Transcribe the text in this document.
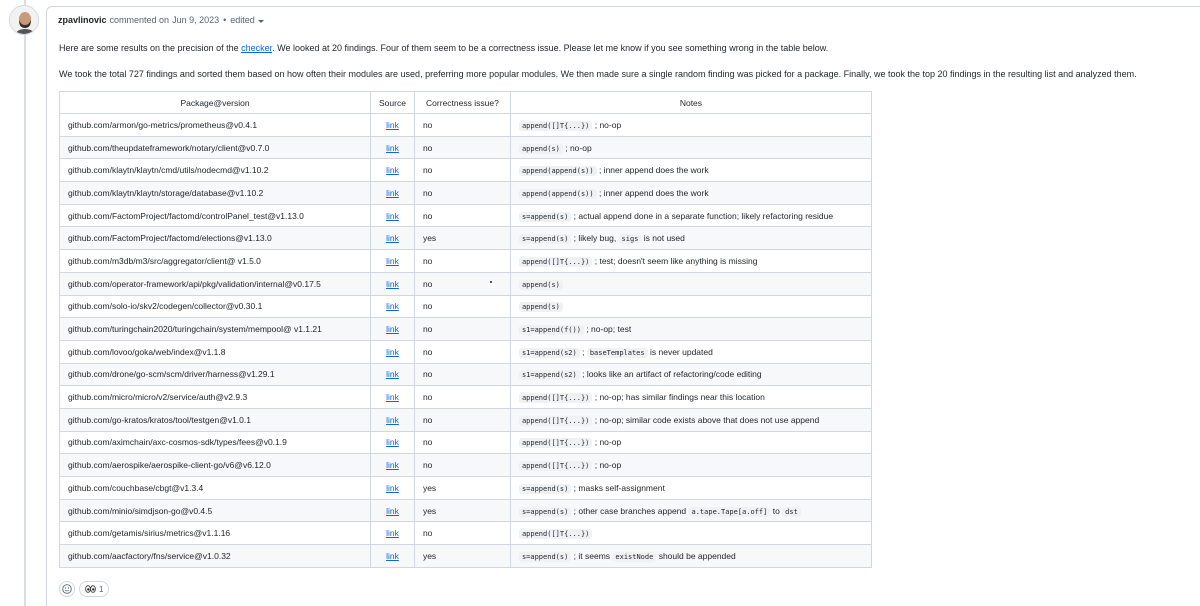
zpavlinovic commented on Jun 9, 2023 • edited
Here are some results on the precision of the checker. We looked at 20 findings. Four of them seem to be a correctness issue. Please let me know if you see something wrong in the table below.
We took the total 727 findings and sorted them based on how often their modules are used, preferring more popular modules. We then made sure a single random finding was picked for a package. Finally, we took the top 20 findings in the resulting list and analyzed them.
Package@version	Source	Correctness issue?	Notes
github.com/armon/go-metrics/prometheus@v0.4.1	link	no	append([]T{...}) ; no-op
github.com/theupdateframework/notary/client@v0.7.0	link	no	append(s) ; no-op
github.com/klaytn/klaytn/cmd/utils/nodecmd@v1.10.2	link	no	append(append(s)) ; inner append does the work
github.com/klaytn/klaytn/storage/database@v1.10.2	link	no	append(append(s)) ; inner append does the work
github.com/FactomProject/factomd/controlPanel_test@v1.13.0	link	no	s=append(s) ; actual append done in a separate function; likely refactoring residue
github.com/FactomProject/factomd/elections@v1.13.0	link	yes	s=append(s) ; likely bug, sigs is not used
github.com/m3db/m3/src/aggregator/client@ v1.5.0	link	no	append([]T{...}) ; test; doesn't seem like anything is missing
github.com/operator-framework/api/pkg/validation/internal@v0.17.5	link	no	append(s)
github.com/solo-io/skv2/codegen/collector@v0.30.1	link	no	append(s)
github.com/turingchain2020/turingchain/system/mempool@ v1.1.21	link	no	s1=append(f()) ; no-op; test
github.com/lovoo/goka/web/index@v1.1.8	link	no	s1=append(s2) ; baseTemplates is never updated
github.com/drone/go-scm/scm/driver/harness@v1.29.1	link	no	s1=append(s2) ; looks like an artifact of refactoring/code editing
github.com/micro/micro/v2/service/auth@v2.9.3	link	no	append([]T{...}) ; no-op; has similar findings near this location
github.com/go-kratos/kratos/tool/testgen@v1.0.1	link	no	append([]T{...}) ; no-op; similar code exists above that does not use append
github.com/aximchain/axc-cosmos-sdk/types/fees@v0.1.9	link	no	append([]T{...}) ; no-op
github.com/aerospike/aerospike-client-go/v6@v6.12.0	link	no	append([]T{...}) ; no-op
github.com/couchbase/cbgt@v1.3.4	link	yes	s=append(s) ; masks self-assignment
github.com/minio/simdjson-go@v0.4.5	link	yes	s=append(s) ; other case branches append a.tape.Tape[a.off] to dst
github.com/getamis/sirius/metrics@v1.1.16	link	no	append([]T{...})
github.com/aacfactory/fns/service@v1.0.32	link	yes	s=append(s) ; it seems existNode should be appended
1
